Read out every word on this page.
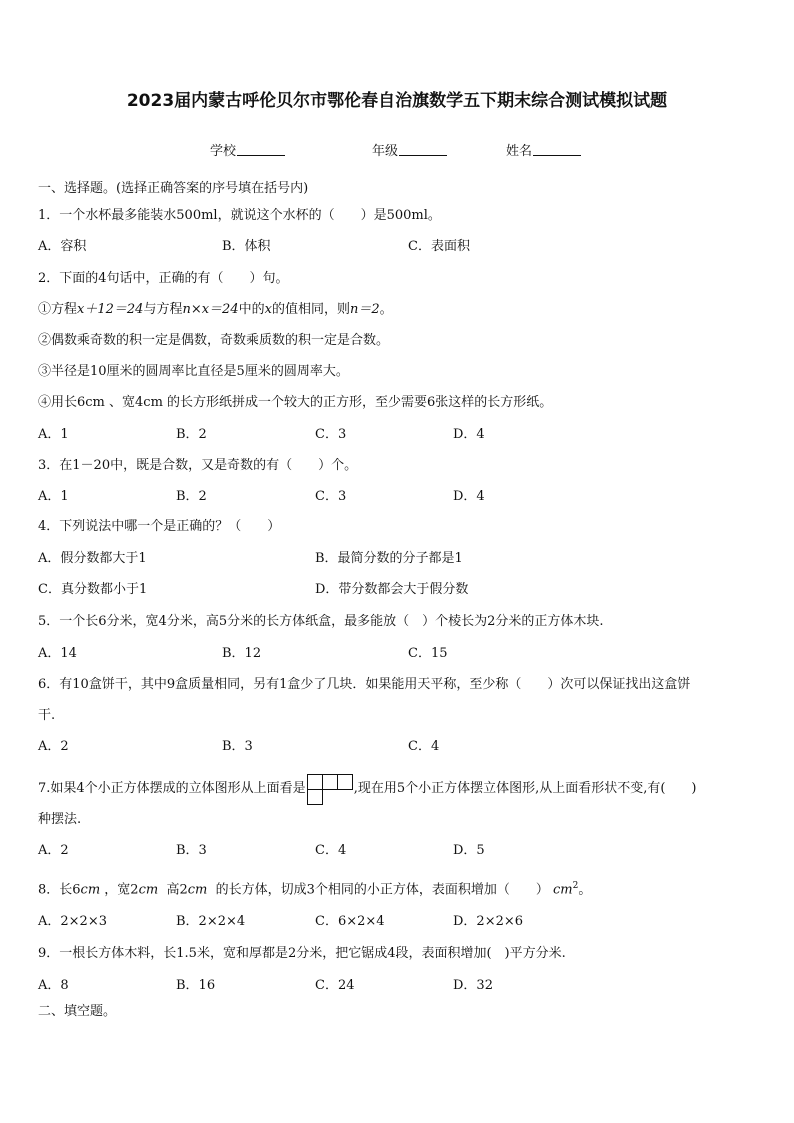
2023届内蒙古呼伦贝尔市鄂伦春自治旗数学五下期末综合测试模拟试题
学校	年级	姓名
一、选择题。(选择正确答案的序号填在括号内)
1．一个水杯最多能装水500ml，就说这个水杯的（　　）是500ml。
A．容积	B．体积	C．表面积
2．下面的4句话中，正确的有（　　）句。
①方程x＋12＝24与方程n×x＝24中的x的值相同，则n＝2。
②偶数乘奇数的积一定是偶数，奇数乘质数的积一定是合数。
③半径是10厘米的圆周率比直径是5厘米的圆周率大。
④用长6cm 、宽4cm 的长方形纸拼成一个较大的正方形，至少需要6张这样的长方形纸。
A．1	B．2	C．3	D．4
3．在1－20中，既是合数，又是奇数的有（　　）个。
A．1	B．2	C．3	D．4
4．下列说法中哪一个是正确的？（　　）
A．假分数都大于1	B．最简分数的分子都是1
C．真分数都小于1	D．带分数都会大于假分数
5．一个长6分米，宽4分米，高5分米的长方体纸盒，最多能放（　）个棱长为2分米的正方体木块.
A．14	B．12	C．15
6．有10盒饼干，其中9盒质量相同，另有1盒少了几块．如果能用天平称，至少称（　　）次可以保证找出这盒饼
干.
A．2	B．3	C．4
7.如果4个小正方体摆成的立体图形从上面看是	,现在用5个小正方体摆立体图形,从上面看形状不变,有(　　)
种摆法.
A．2	B．3	C．4	D．5
8．长6cm ，宽2cm 高2cm 的长方体，切成3个相同的小正方体，表面积增加（　　） $cm^2$。
A．2×2×3	B．2×2×4	C．6×2×4	D．2×2×6
9．一根长方体木料，长1.5米，宽和厚都是2分米，把它锯成4段，表面积增加(　)平方分米.
A．8	B．16	C．24	D．32
二、填空题。
